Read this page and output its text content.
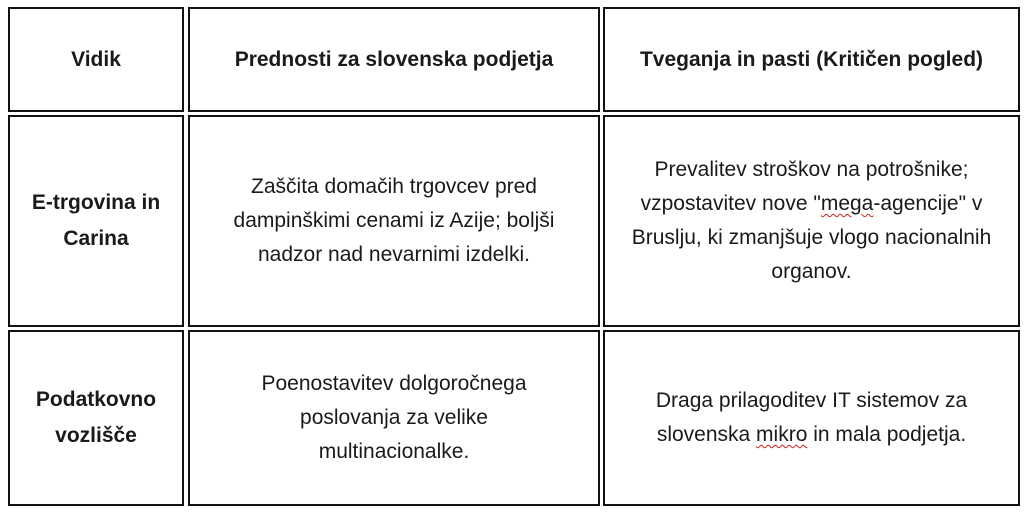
Vidik	Prednosti za slovenska podjetja	Tveganja in pasti (Kritičen pogled)
E-trgovina in Carina
Zaščita domačih trgovcev pred dampinškimi cenami iz Azije; boljši nadzor nad nevarnimi izdelki.
Prevalitev stroškov na potrošnike; vzpostavitev nove "mega-agencije" v Bruslju, ki zmanjšuje vlogo nacionalnih organov.
Podatkovno vozlišče
Poenostavitev dolgoročnega poslovanja za velike multinacionalke.
Draga prilagoditev IT sistemov za slovenska mikro in mala podjetja.
